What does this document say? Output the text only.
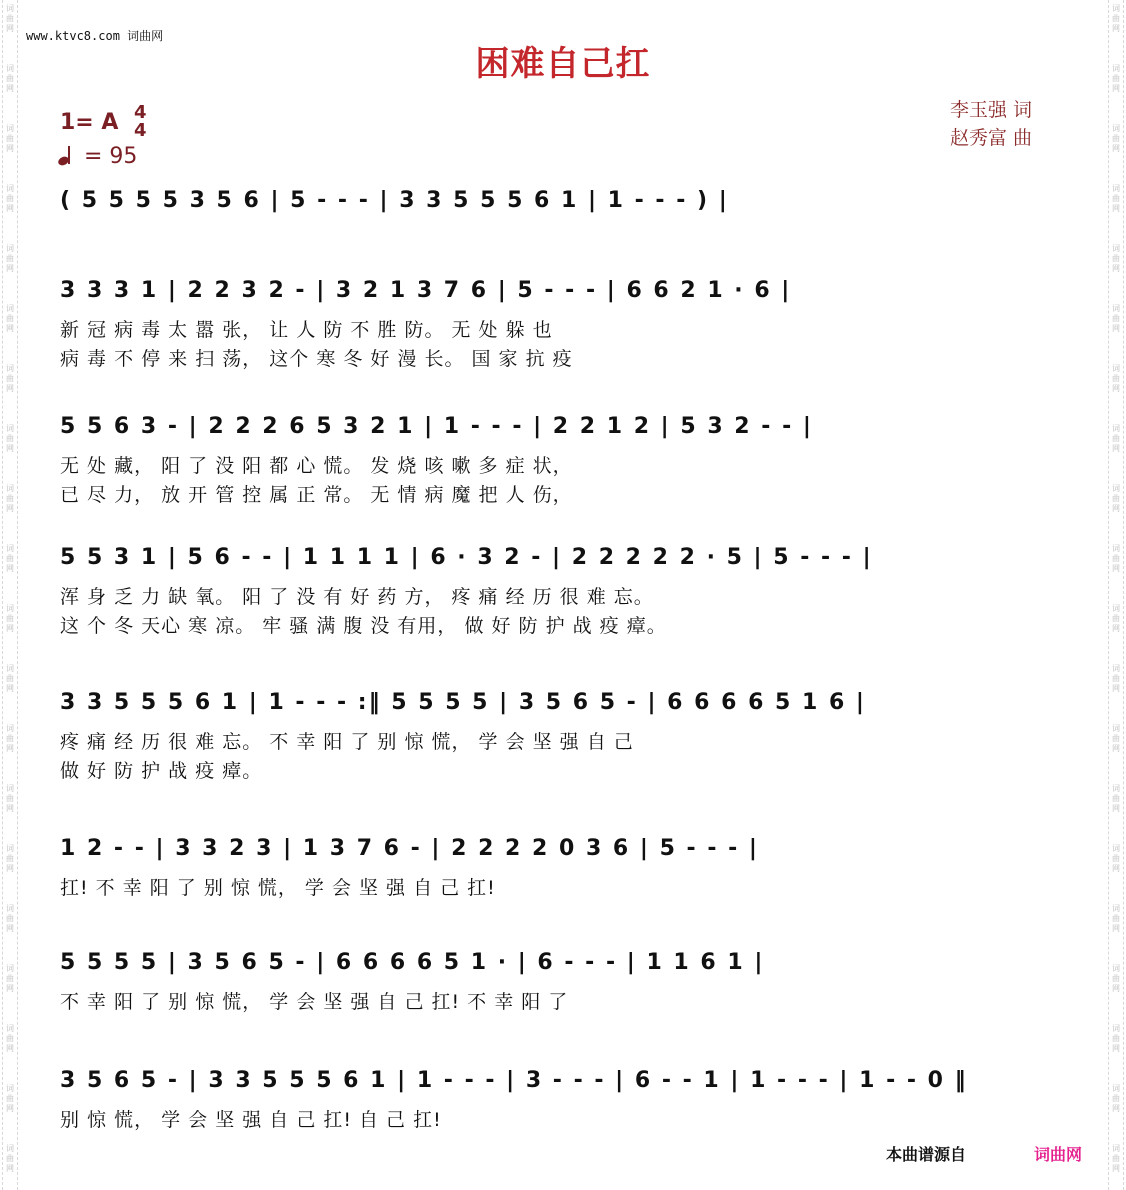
词曲网
词曲网
词曲网
词曲网
词曲网
词曲网
词曲网
词曲网
词曲网
词曲网
词曲网
词曲网
词曲网
词曲网
词曲网
词曲网
词曲网
词曲网
词曲网
词曲网
词曲网
词曲网
词曲网
词曲网
词曲网
词曲网
词曲网
词曲网
词曲网
词曲网
词曲网
词曲网
词曲网
词曲网
词曲网
词曲网
词曲网
词曲网
词曲网
词曲网
www.ktvc8.com 词曲网
困难自己扛
李玉强 词
赵秀富 曲
1= A 4
4

= 95
( 5 5 5 5 3 5 6 | 5 - - - | 3 3 5 5 5 6 1 | 1 - - - ) |
3 3 3 1 | 2 2 3 2 - | 3 2 1 3 7 6 | 5 - - - | 6 6 2 1 · 6 |
新 冠 病 毒 太 嚣 张， 让 人 防 不 胜 防。 无 处 躲 也
病 毒 不 停 来 扫 荡， 这个 寒 冬 好 漫 长。 国 家 抗 疫
5 5 6 3 - | 2 2 2 6 5 3 2 1 | 1 - - - | 2 2 1 2 | 5 3 2 - - |
无 处 藏， 阳 了 没 阳 都 心 慌。 发 烧 咳 嗽 多 症 状，
已 尽 力， 放 开 管 控 属 正 常。 无 情 病 魔 把 人 伤，
5 5 3 1 | 5 6 - - | 1 1 1 1 | 6 · 3 2 - | 2 2 2 2 2 · 5 | 5 - - - |
浑 身 乏 力 缺 氧。 阳 了 没 有 好 药 方， 疼 痛 经 历 很 难 忘。
这 个 冬 天心 寒 凉。 牢 骚 满 腹 没 有用， 做 好 防 护 战 疫 瘴。
3 3 5 5 5 6 1 | 1 - - - :‖ 5 5 5 5 | 3 5 6 5 - | 6 6 6 6 5 1 6 |
疼 痛 经 历 很 难 忘。 不 幸 阳 了 别 惊 慌， 学 会 坚 强 自 己
做 好 防 护 战 疫 瘴。
1 2 - - | 3 3 2 3 | 1 3 7 6 - | 2 2 2 2 0 3 6 | 5 - - - |
扛! 不 幸 阳 了 别 惊 慌， 学 会 坚 强 自 己 扛!
5 5 5 5 | 3 5 6 5 - | 6 6 6 6 5 1 · | 6 - - - | 1 1 6 1 |
不 幸 阳 了 别 惊 慌， 学 会 坚 强 自 己 扛! 不 幸 阳 了
3 5 6 5 - | 3 3 5 5 5 6 1 | 1 - - - | 3 - - - | 6 - - 1 | 1 - - - | 1 - - 0 ‖
别 惊 慌， 学 会 坚 强 自 己 扛! 自 己 扛!
本曲谱源自	词曲网
